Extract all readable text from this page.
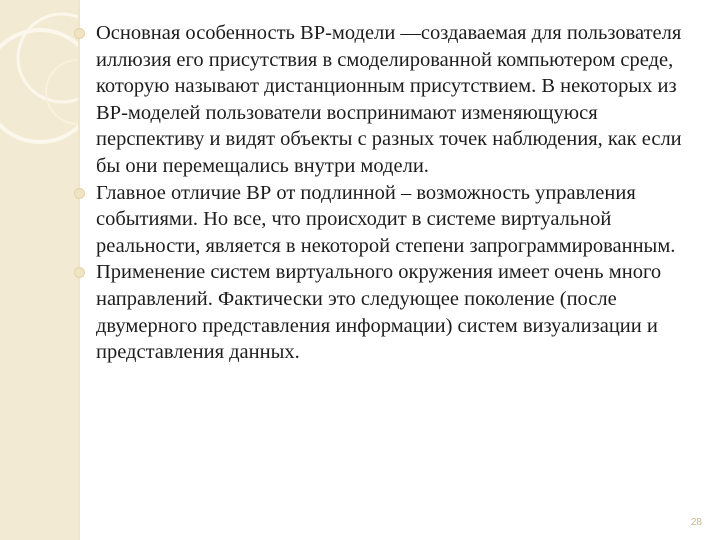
Основная особенность ВР-модели —создаваемая для пользователя иллюзия его присутствия в смоделированной компьютером среде, которую называют дистанционным присутствием. В некоторых из ВР-моделей пользователи воспринимают изменяющуюся перспективу и видят объекты с разных точек наблюдения, как если бы они перемещались внутри модели.
Главное отличие ВР от подлинной – возможность управления событиями. Но все, что происходит в системе виртуальной реальности, является в некоторой степени запрограммированным.
Применение систем виртуального окружения имеет очень много направлений. Фактически это следующее поколение (после двумерного представления информации) систем визуализации и представления данных.
28
